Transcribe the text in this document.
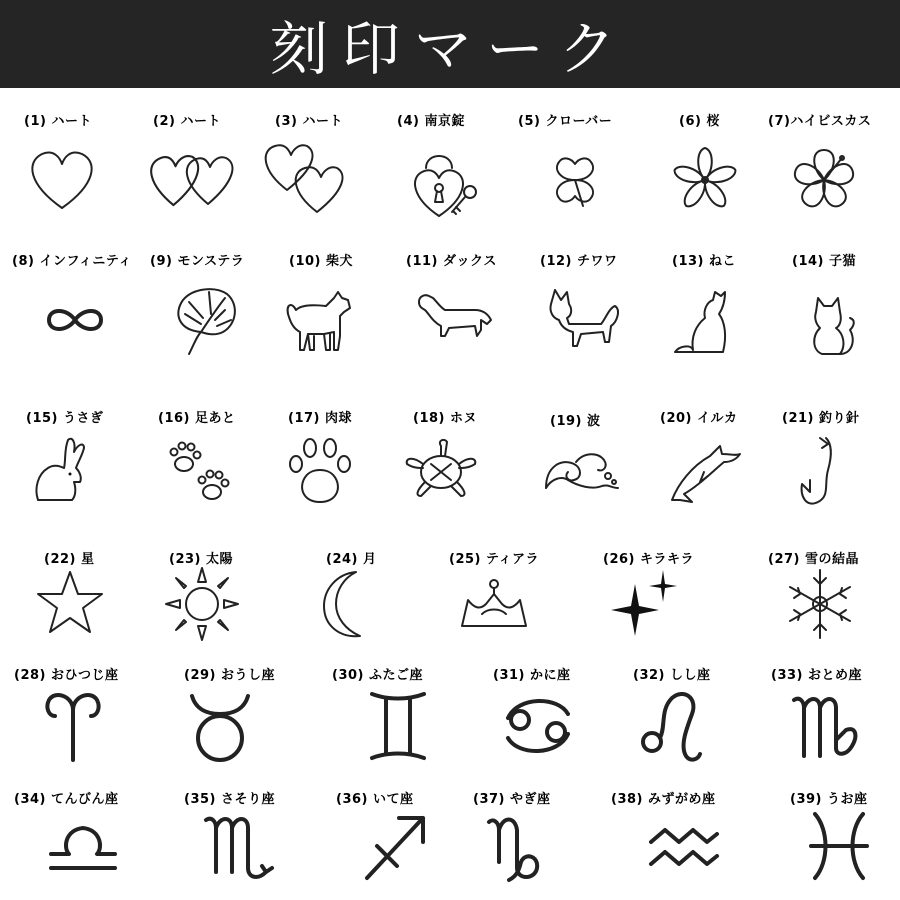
刻印マーク
(1) ハート	(2) ハート	(3) ハート	(4) 南京錠	(5) クローバー	(6) 桜	(7)ハイビスカス
(8) インフィニティ (9) モンステラ	(10) 柴犬	(11) ダックス	(12) チワワ	(13) ねこ	(14) 子猫
(15) うさぎ	(16) 足あと	(17) 肉球	(18) ホヌ	(19) 波	(20) イルカ	(21) 釣り針
(22) 星	(23) 太陽	(24) 月	(25) ティアラ	(26) キラキラ	(27) 雪の結晶
(28) おひつじ座	(29) おうし座	(30) ふたご座	(31) かに座	(32) しし座	(33) おとめ座
(34) てんびん座	(35) さそり座	(36) いて座	(37) やぎ座	(38) みずがめ座	(39) うお座
